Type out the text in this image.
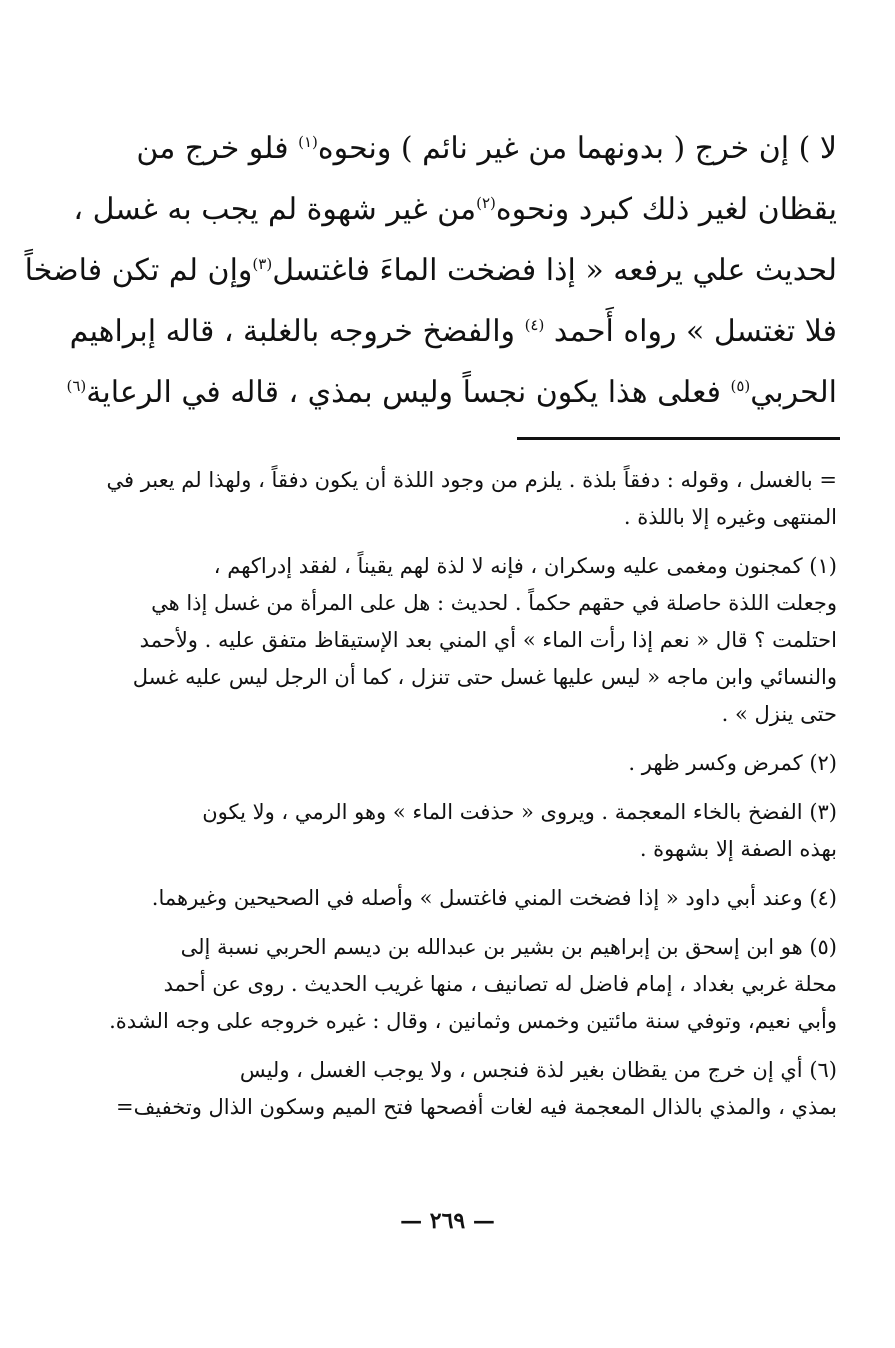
لا ) إن خرج ( بدونهما من غير نائم ) ونحوه$^{(١)}$ فلو خرج من
يقظان لغير ذلك كبرد ونحوه$^{(٢)}$من غير شهوة لم يجب به غسل ،
لحديث علي يرفعه « إذا فضخت الماءَ فاغتسل$^{(٣)}$وإن لم تكن فاضخاً
فلا تغتسل » رواه أَحمد $^{(٤)}$ والفضخ خروجه بالغلبة ، قاله إبراهيم
الحربي$^{(٥)}$ فعلى هذا يكون نجساً وليس بمذي ، قاله في الرعاية$^{(٦)}$
= بالغسل ، وقوله : دفقاً بلذة . يلزم من وجود اللذة أن يكون دفقاً ، ولهذا لم يعبر في
المنتهى وغيره إلا باللذة .
(١) كمجنون ومغمى عليه وسكران ، فإنه لا لذة لهم يقيناً ، لفقد إدراكهم ،
وجعلت اللذة حاصلة في حقهم حكماً . لحديث : هل على المرأة من غسل إذا هي
احتلمت ؟ قال « نعم إذا رأت الماء » أي المني بعد الإستيقاظ متفق عليه . ولأحمد
والنسائي وابن ماجه « ليس عليها غسل حتى تنزل ، كما أن الرجل ليس عليه غسل
حتى ينزل » .
(٢) كمرض وكسر ظهر .
(٣) الفضخ بالخاء المعجمة . ويروى « حذفت الماء » وهو الرمي ، ولا يكون
بهذه الصفة إلا بشهوة .
(٤) وعند أبي داود « إذا فضخت المني فاغتسل » وأصله في الصحيحين وغيرهما.
(٥) هو ابن إسحق بن إبراهيم بن بشير بن عبدالله بن ديسم الحربي نسبة إلى
محلة غربي بغداد ، إمام فاضل له تصانيف ، منها غريب الحديث . روى عن أحمد
وأبي نعيم، وتوفي سنة مائتين وخمس وثمانين ، وقال : غيره خروجه على وجه الشدة.
(٦) أي إن خرج من يقظان بغير لذة فنجس ، ولا يوجب الغسل ، وليس
بمذي ، والمذي بالذال المعجمة فيه لغات أفصحها فتح الميم وسكون الذال وتخفيف=
— ٢٦٩ —
